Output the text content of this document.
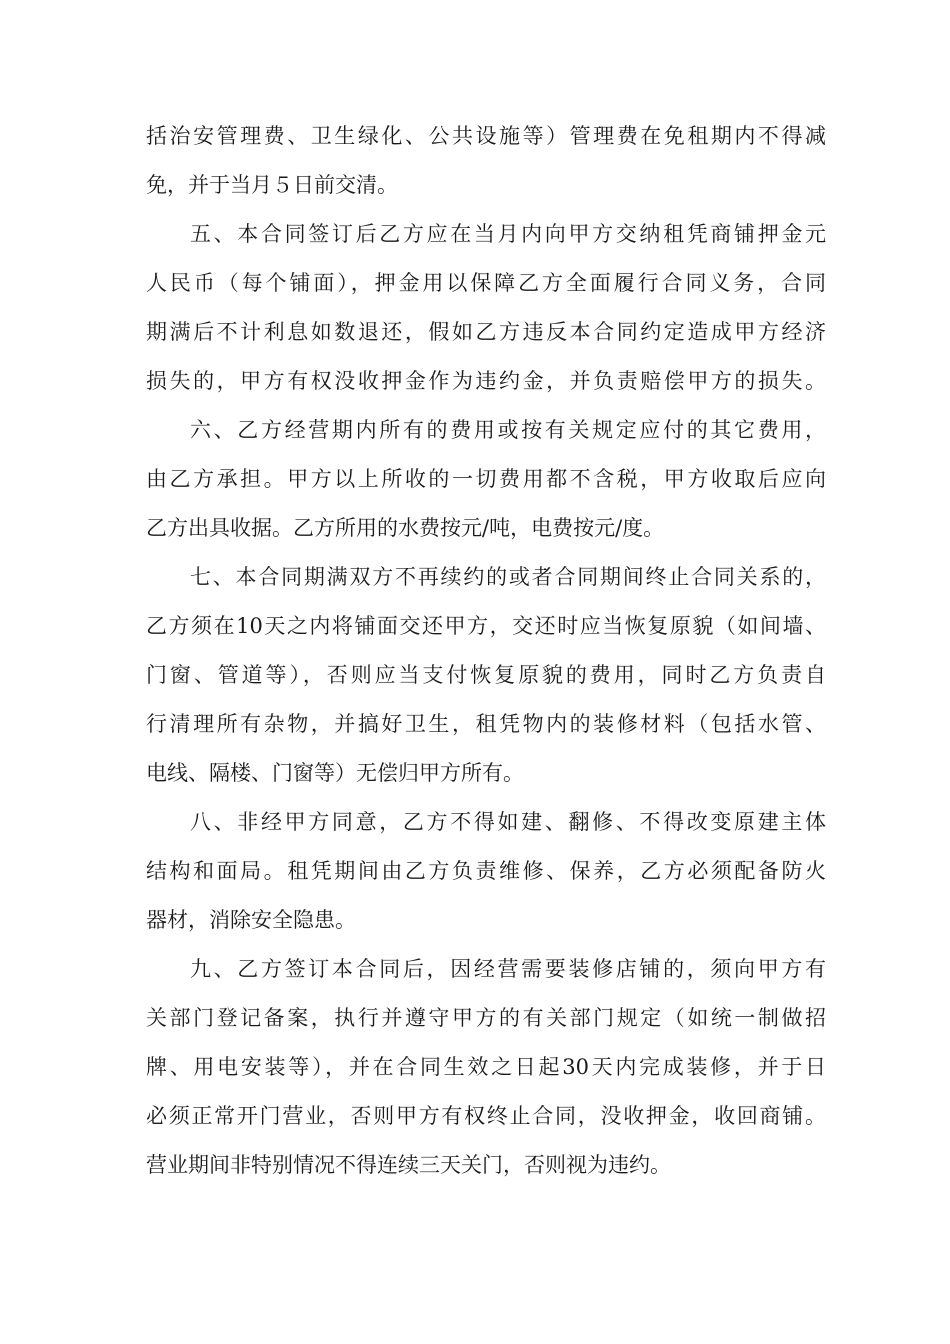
括治安管理费、卫生绿化、公共设施等）管理费在免租期内不得减
免，并于当月５日前交清。
五、本合同签订后乙方应在当月内向甲方交纳租凭商铺押金元
人民币（每个铺面），押金用以保障乙方全面履行合同义务，合同
期满后不计利息如数退还，假如乙方违反本合同约定造成甲方经济
损失的，甲方有权没收押金作为违约金，并负责赔偿甲方的损失。
六、乙方经营期内所有的费用或按有关规定应付的其它费用，
由乙方承担。甲方以上所收的一切费用都不含税，甲方收取后应向
乙方出具收据。乙方所用的水费按元/吨，电费按元/度。
七、本合同期满双方不再续约的或者合同期间终止合同关系的，
乙方须在10天之内将铺面交还甲方，交还时应当恢复原貌（如间墙、
门窗、管道等），否则应当支付恢复原貌的费用，同时乙方负责自
行清理所有杂物，并搞好卫生，租凭物内的装修材料（包括水管、
电线、隔楼、门窗等）无偿归甲方所有。
八、非经甲方同意，乙方不得如建、翻修、不得改变原建主体
结构和面局。租凭期间由乙方负责维修、保养，乙方必须配备防火
器材，消除安全隐患。
九、乙方签订本合同后，因经营需要装修店铺的，须向甲方有
关部门登记备案，执行并遵守甲方的有关部门规定（如统一制做招
牌、用电安装等），并在合同生效之日起30天内完成装修，并于日
必须正常开门营业，否则甲方有权终止合同，没收押金，收回商铺。
营业期间非特别情况不得连续三天关门，否则视为违约。
